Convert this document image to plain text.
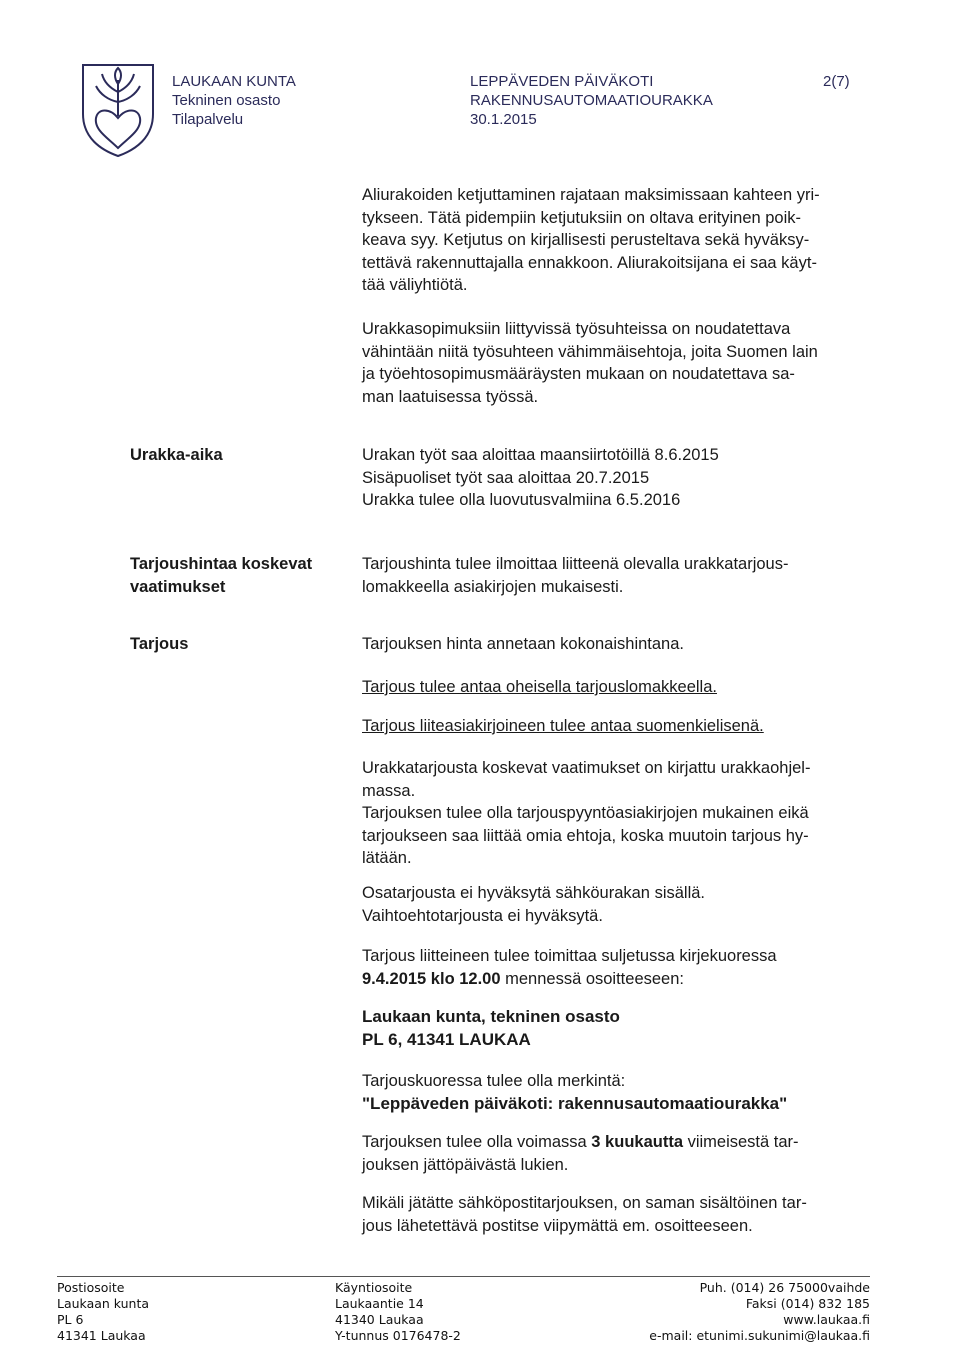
LAUKAAN KUNTA
Tekninen osasto
Tilapalvelu
LEPPÄVEDEN PÄIVÄKOTI
RAKENNUSAUTOMAATIOURAKKA
30.1.2015
2(7)
Aliurakoiden ketjuttaminen rajataan maksimissaan kahteen yri-
tykseen. Tätä pidempiin ketjutuksiin on oltava erityinen poik-
keava syy. Ketjutus on kirjallisesti perusteltava sekä hyväksy-
tettävä rakennuttajalla ennakkoon. Aliurakoitsijana ei saa käyt-
tää väliyhtiötä.
Urakkasopimuksiin liittyvissä työsuhteissa on noudatettava
vähintään niitä työsuhteen vähimmäisehtoja, joita Suomen lain
ja työehtosopimusmääräysten mukaan on noudatettava sa-
man laatuisessa työssä.
Urakka-aika	Urakan työt saa aloittaa maansiirtotöillä 8.6.2015
Sisäpuoliset työt saa aloittaa 20.7.2015
Urakka tulee olla luovutusvalmiina 6.5.2016
Tarjoushintaa koskevat
vaatimukset
Tarjoushinta tulee ilmoittaa liitteenä olevalla urakkatarjous-
lomakkeella asiakirjojen mukaisesti.
Tarjous	Tarjouksen hinta annetaan kokonaishintana.
Tarjous tulee antaa oheisella tarjouslomakkeella.
Tarjous liiteasiakirjoineen tulee antaa suomenkielisenä.
Urakkatarjousta koskevat vaatimukset on kirjattu urakkaohjel-
massa.
Tarjouksen tulee olla tarjouspyyntöasiakirjojen mukainen eikä
tarjoukseen saa liittää omia ehtoja, koska muutoin tarjous hy-
lätään.
Osatarjousta ei hyväksytä sähköurakan sisällä.
Vaihtoehtotarjousta ei hyväksytä.
Tarjous liitteineen tulee toimittaa suljetussa kirjekuoressa
9.4.2015 klo 12.00 mennessä osoitteeseen:
Laukaan kunta, tekninen osasto
PL 6, 41341 LAUKAA
Tarjouskuoressa tulee olla merkintä:
"Leppäveden päiväkoti: rakennusautomaatiourakka"
Tarjouksen tulee olla voimassa 3 kuukautta viimeisestä tar-
jouksen jättöpäivästä lukien.
Mikäli jätätte sähköpostitarjouksen, on saman sisältöinen tar-
jous lähetettävä postitse viipymättä em. osoitteeseen.
Postiosoite
Laukaan kunta
PL 6
41341 Laukaa
Käyntiosoite
Laukaantie 14
41340 Laukaa
Y-tunnus 0176478-2
Puh. (014) 26 75000vaihde
Faksi (014) 832 185
www.laukaa.fi
e-mail: etunimi.sukunimi@laukaa.fi
